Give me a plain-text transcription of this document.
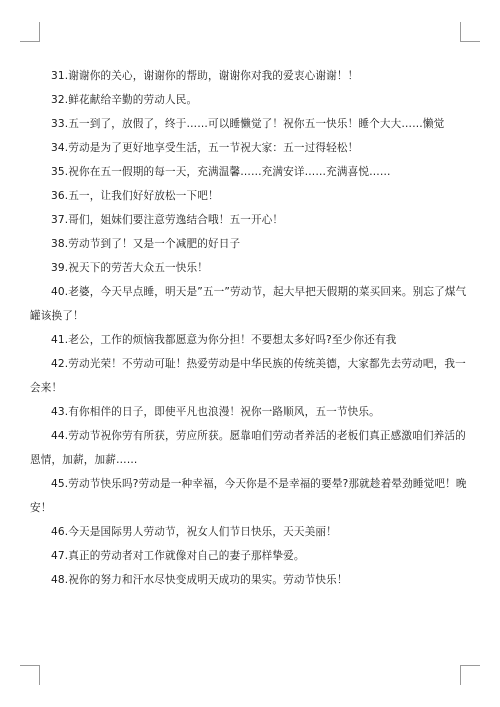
31.谢谢你的关心，谢谢你的帮助，谢谢你对我的爱衷心谢谢！！

32.鲜花献给辛勤的劳动人民。

33.五一到了，放假了，终于……可以睡懒觉了！祝你五一快乐！睡个大大……懒觉

34.劳动是为了更好地享受生活，五一节祝大家：五一过得轻松！

35.祝你在五一假期的每一天，充满温馨……充满安详……充满喜悦……

36.五一，让我们好好放松一下吧！

37.哥们，姐妹们要注意劳逸结合哦！五一开心！

38.劳动节到了！又是一个减肥的好日子

39.祝天下的劳苦大众五一快乐！

40.老婆，今天早点睡，明天是”五一”劳动节，起大早把天假期的菜买回来。别忘了煤气罐该换了！

41.老公，工作的烦恼我都愿意为你分担！不要想太多好吗?至少你还有我

42.劳动光荣！不劳动可耻！热爱劳动是中华民族的传统美德，大家都先去劳动吧，我一会来！

43.有你相伴的日子，即使平凡也浪漫！祝你一路顺风，五一节快乐。

44.劳动节祝你劳有所获，劳应所获。愿靠咱们劳动者养活的老板们真正感激咱们养活的恩情，加薪，加薪……

45.劳动节快乐吗?劳动是一种幸福，今天你是不是幸福的要晕?那就趁着晕劲睡觉吧！晚安！

46.今天是国际男人劳动节，祝女人们节日快乐，天天美丽！

47.真正的劳动者对工作就像对自己的妻子那样挚爱。

48.祝你的努力和汗水尽快变成明天成功的果实。劳动节快乐！
